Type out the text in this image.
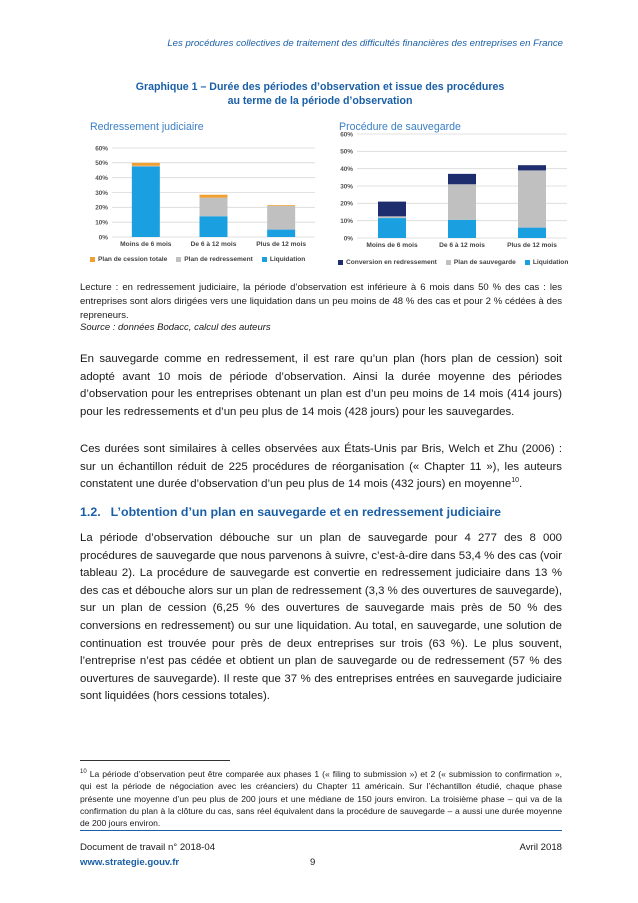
Les procédures collectives de traitement des difficultés financières des entreprises en France
Graphique 1 – Durée des périodes d’observation et issue des procédures
au terme de la période d’observation
Redressement judiciaire	Procédure de sauvegarde
0%
10%
20%
30%
40%
50%
60%
Moins de 6 mois	De 6 à 12 mois	Plus de 12 mois
0%
10%
20%
30%
40%
50%
60%
Moins de 6 mois	De 6 à 12 mois	Plus de 12 mois
Plan de cession totale	Plan de redressement	Liquidation	Conversion en redressement	Plan de sauvegarde	Liquidation
Lecture : en redressement judiciaire, la période d’observation est inférieure à 6 mois dans 50 % des cas : les entreprises sont alors dirigées vers une liquidation dans un peu moins de 48 % des cas et pour 2 % cédées à des repreneurs.
Source : données Bodacc, calcul des auteurs
En sauvegarde comme en redressement, il est rare qu’un plan (hors plan de cession) soit adopté avant 10 mois de période d’observation. Ainsi la durée moyenne des périodes d’observation pour les entreprises obtenant un plan est d’un peu moins de 14 mois (414 jours) pour les redressements et d’un peu plus de 14 mois (428 jours) pour les sauvegardes.
Ces durées sont similaires à celles observées aux États-Unis par Bris, Welch et Zhu (2006) : sur un échantillon réduit de 225 procédures de réorganisation (« Chapter 11 »), les auteurs constatent une durée d’observation d’un peu plus de 14 mois (432 jours) en moyenne$^{10}$.
1.2. L’obtention d’un plan en sauvegarde et en redressement judiciaire
La période d’observation débouche sur un plan de sauvegarde pour 4 277 des 8 000 procédures de sauvegarde que nous parvenons à suivre, c’est-à-dire dans 53,4 % des cas (voir tableau 2). La procédure de sauvegarde est convertie en redressement judiciaire dans 13 % des cas et débouche alors sur un plan de redressement (3,3 % des ouvertures de sauvegarde), sur un plan de cession (6,25 % des ouvertures de sauvegarde mais près de 50 % des conversions en redressement) ou sur une liquidation. Au total, en sauvegarde, une solution de continuation est trouvée pour près de deux entreprises sur trois (63 %). Le plus souvent, l’entreprise n’est pas cédée et obtient un plan de sauvegarde ou de redressement (57 % des ouvertures de sauvegarde). Il reste que 37 % des entreprises entrées en sauvegarde judiciaire sont liquidées (hors cessions totales).
$^{10}$ La période d’observation peut être comparée aux phases 1 (« filing to submission ») et 2 (« submission to confirmation », qui est la période de négociation avec les créanciers) du Chapter 11 américain. Sur l’échantillon étudié, chaque phase présente une moyenne d’un peu plus de 200 jours et une médiane de 150 jours environ. La troisième phase – qui va de la confirmation du plan à la clôture du cas, sans réel équivalent dans la procédure de sauvegarde – a aussi une durée moyenne de 200 jours environ.
Document de travail n° 2018-04	Avril 2018
www.strategie.gouv.fr	9
